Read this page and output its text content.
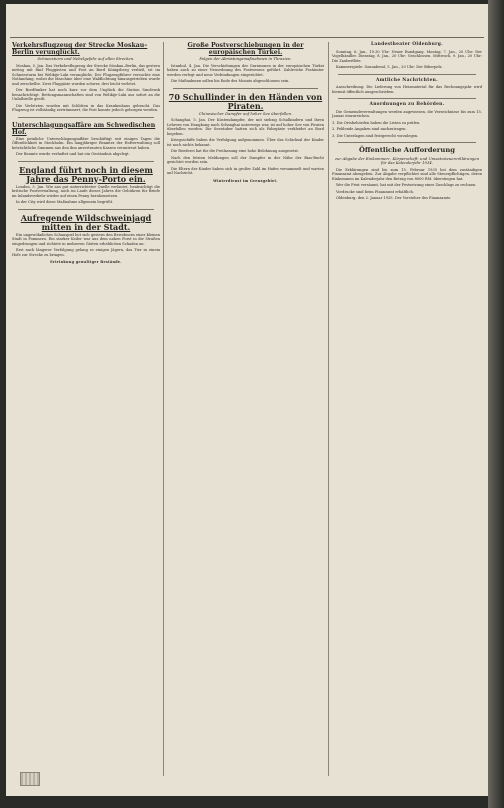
Verkehrsflugzeug der Strecke Moskau–Berlin verunglückt.
Schneesturm und Nebelgefahr auf allen Strecken.

Moskau, 5. Jan. Das Verkehrsflugzeug der Strecke Moskau–Berlin, das gestern mittag mit fünf Fluggästen und Post an Bord Königsberg verließ, ist im Schneesturm bei Welikije-Luki verunglückt. Der Flugzeugführer versuchte eine Notlandung, wobei die Maschine über eine Waldlichtung hinausgetrieben wurde und zerschellte. Zwei Fluggäste wurden schwer, drei leicht verletzt.

Der Bordfunker hat noch kurz vor dem Unglück die Station Smolensk benachrichtigt. Rettungsmannschaften sind von Welikije-Luki aus sofort an die Unfallstelle geeilt.

Die Verletzten wurden mit Schlitten in das Krankenhaus gebracht. Das Flugzeug ist vollständig zertrümmert, die Post konnte jedoch geborgen werden.

Unterschlagungsaffäre am Schwedischen Hof.

Eine peinliche Unterschlagungsaffäre beschäftigt seit einigen Tagen die Öffentlichkeit in Stockholm. Ein langjähriger Beamter der Hofverwaltung soll beträchtliche Summen aus den ihm anvertrauten Kassen veruntreut haben.

Der Beamte wurde verhaftet und hat ein Geständnis abgelegt.

England führt noch in diesem Jahre das Penny-Porto ein.

London, 5. Jan. Wie aus gut unterrichteter Quelle verlautet, beabsichtigt die britische Postverwaltung, noch im Laufe dieses Jahres die Gebühren für Briefe im Inlandsverkehr wieder auf einen Penny herabzusetzen.

In der City wird diese Maßnahme allgemein begrüßt.

Aufregende Wildschweinjagd mitten in der Stadt.

Ein ungewöhnliches Schauspiel bot sich gestern den Bewohnern einer kleinen Stadt in Pommern. Ein starker Keiler war aus dem nahen Forst in die Straßen eingedrungen und richtete in mehreren Gärten erheblichen Schaden an.

Erst nach längerer Verfolgung gelang es einigen Jägern, das Tier in einem Hofe zur Strecke zu bringen.

Ertrinkung gewaltiger Bestände.
Große Postverschiebungen in der europäischen Türkei.
Folgen der Abrüstungsmaßnahmen in Thrazien.

Istanbul, 4. Jan. Die Verschiebungen der Garnisonen in der europäischen Türkei haben auch zu einer Neuordnung des Postwesens geführt. Zahlreiche Postämter werden verlegt und neue Verbindungen eingerichtet.

Die Maßnahmen sollen bis Ende des Monats abgeschlossen sein.

70 Schullinder in den Händen von Piraten.
Chinesischer Dampfer auf hoher See überfallen.

Schanghai, 5. Jan. Der Küstendampfer, der mit siebzig Schulkindern und ihren Lehrern von Hongkong nach Schanghai unterwegs war, ist auf hoher See von Piraten überfallen worden. Die Seeräuber hatten sich als Fahrgäste verkleidet an Bord begeben.

Kriegsschiffe haben die Verfolgung aufgenommen. Über das Schicksal der Kinder ist noch nichts bekannt.

Die Reederei hat für die Freilassung eine hohe Belohnung ausgesetzt.

Nach den letzten Meldungen soll der Dampfer in der Nähe der Bias-Bucht gesichtet worden sein.

Die Eltern der Kinder haben sich in großer Zahl im Hafen versammelt und warten auf Nachricht.

Winterdienst im Grenzgebiet.
Landestheater Oldenburg.

Sonntag, 6. Jan., 19.30 Uhr: Neuer Rundgang. Montag, 7. Jan., 20 Uhr: Der Vogelhändler. Dienstag, 8. Jan., 20 Uhr: Geschlossen. Mittwoch, 9. Jan., 20 Uhr: Die Zauberflöte.

Kammerspiele: Sonnabend, 5. Jan., 20 Uhr: Der Biberpelz.

Amtliche Nachrichten.

Ausschreibung: Die Lieferung von Heizmaterial für das Rechnungsjahr wird hiermit öffentlich ausgeschrieben.

Anordnungen zu Behörden.

Die Gemeindeverwaltungen werden angewiesen, die Verzeichnisse bis zum 15. Januar einzureichen.

1. Die Ortsbehörden haben die Listen zu prüfen.

2. Fehlende Angaben sind nachzutragen.

3. Die Unterlagen sind fristgerecht vorzulegen.

Öffentliche Aufforderung
zur Abgabe der Einkommen-, Körperschaft- und Umsatzsteuererklärungen für das Kalenderjahr 1934.

Die Erklärungen sind bis zum 15. Februar 1935 bei dem zuständigen Finanzamt abzugeben. Zur Abgabe verpflichtet sind alle Steuerpflichtigen, deren Einkommen im Kalenderjahr den Betrag von 8000 RM. überstiegen hat.

Wer die Frist versäumt, hat mit der Festsetzung eines Zuschlags zu rechnen.

Vordrucke sind beim Finanzamt erhältlich.

Oldenburg, den 2. Januar 1935. Der Vorsteher des Finanzamts.
